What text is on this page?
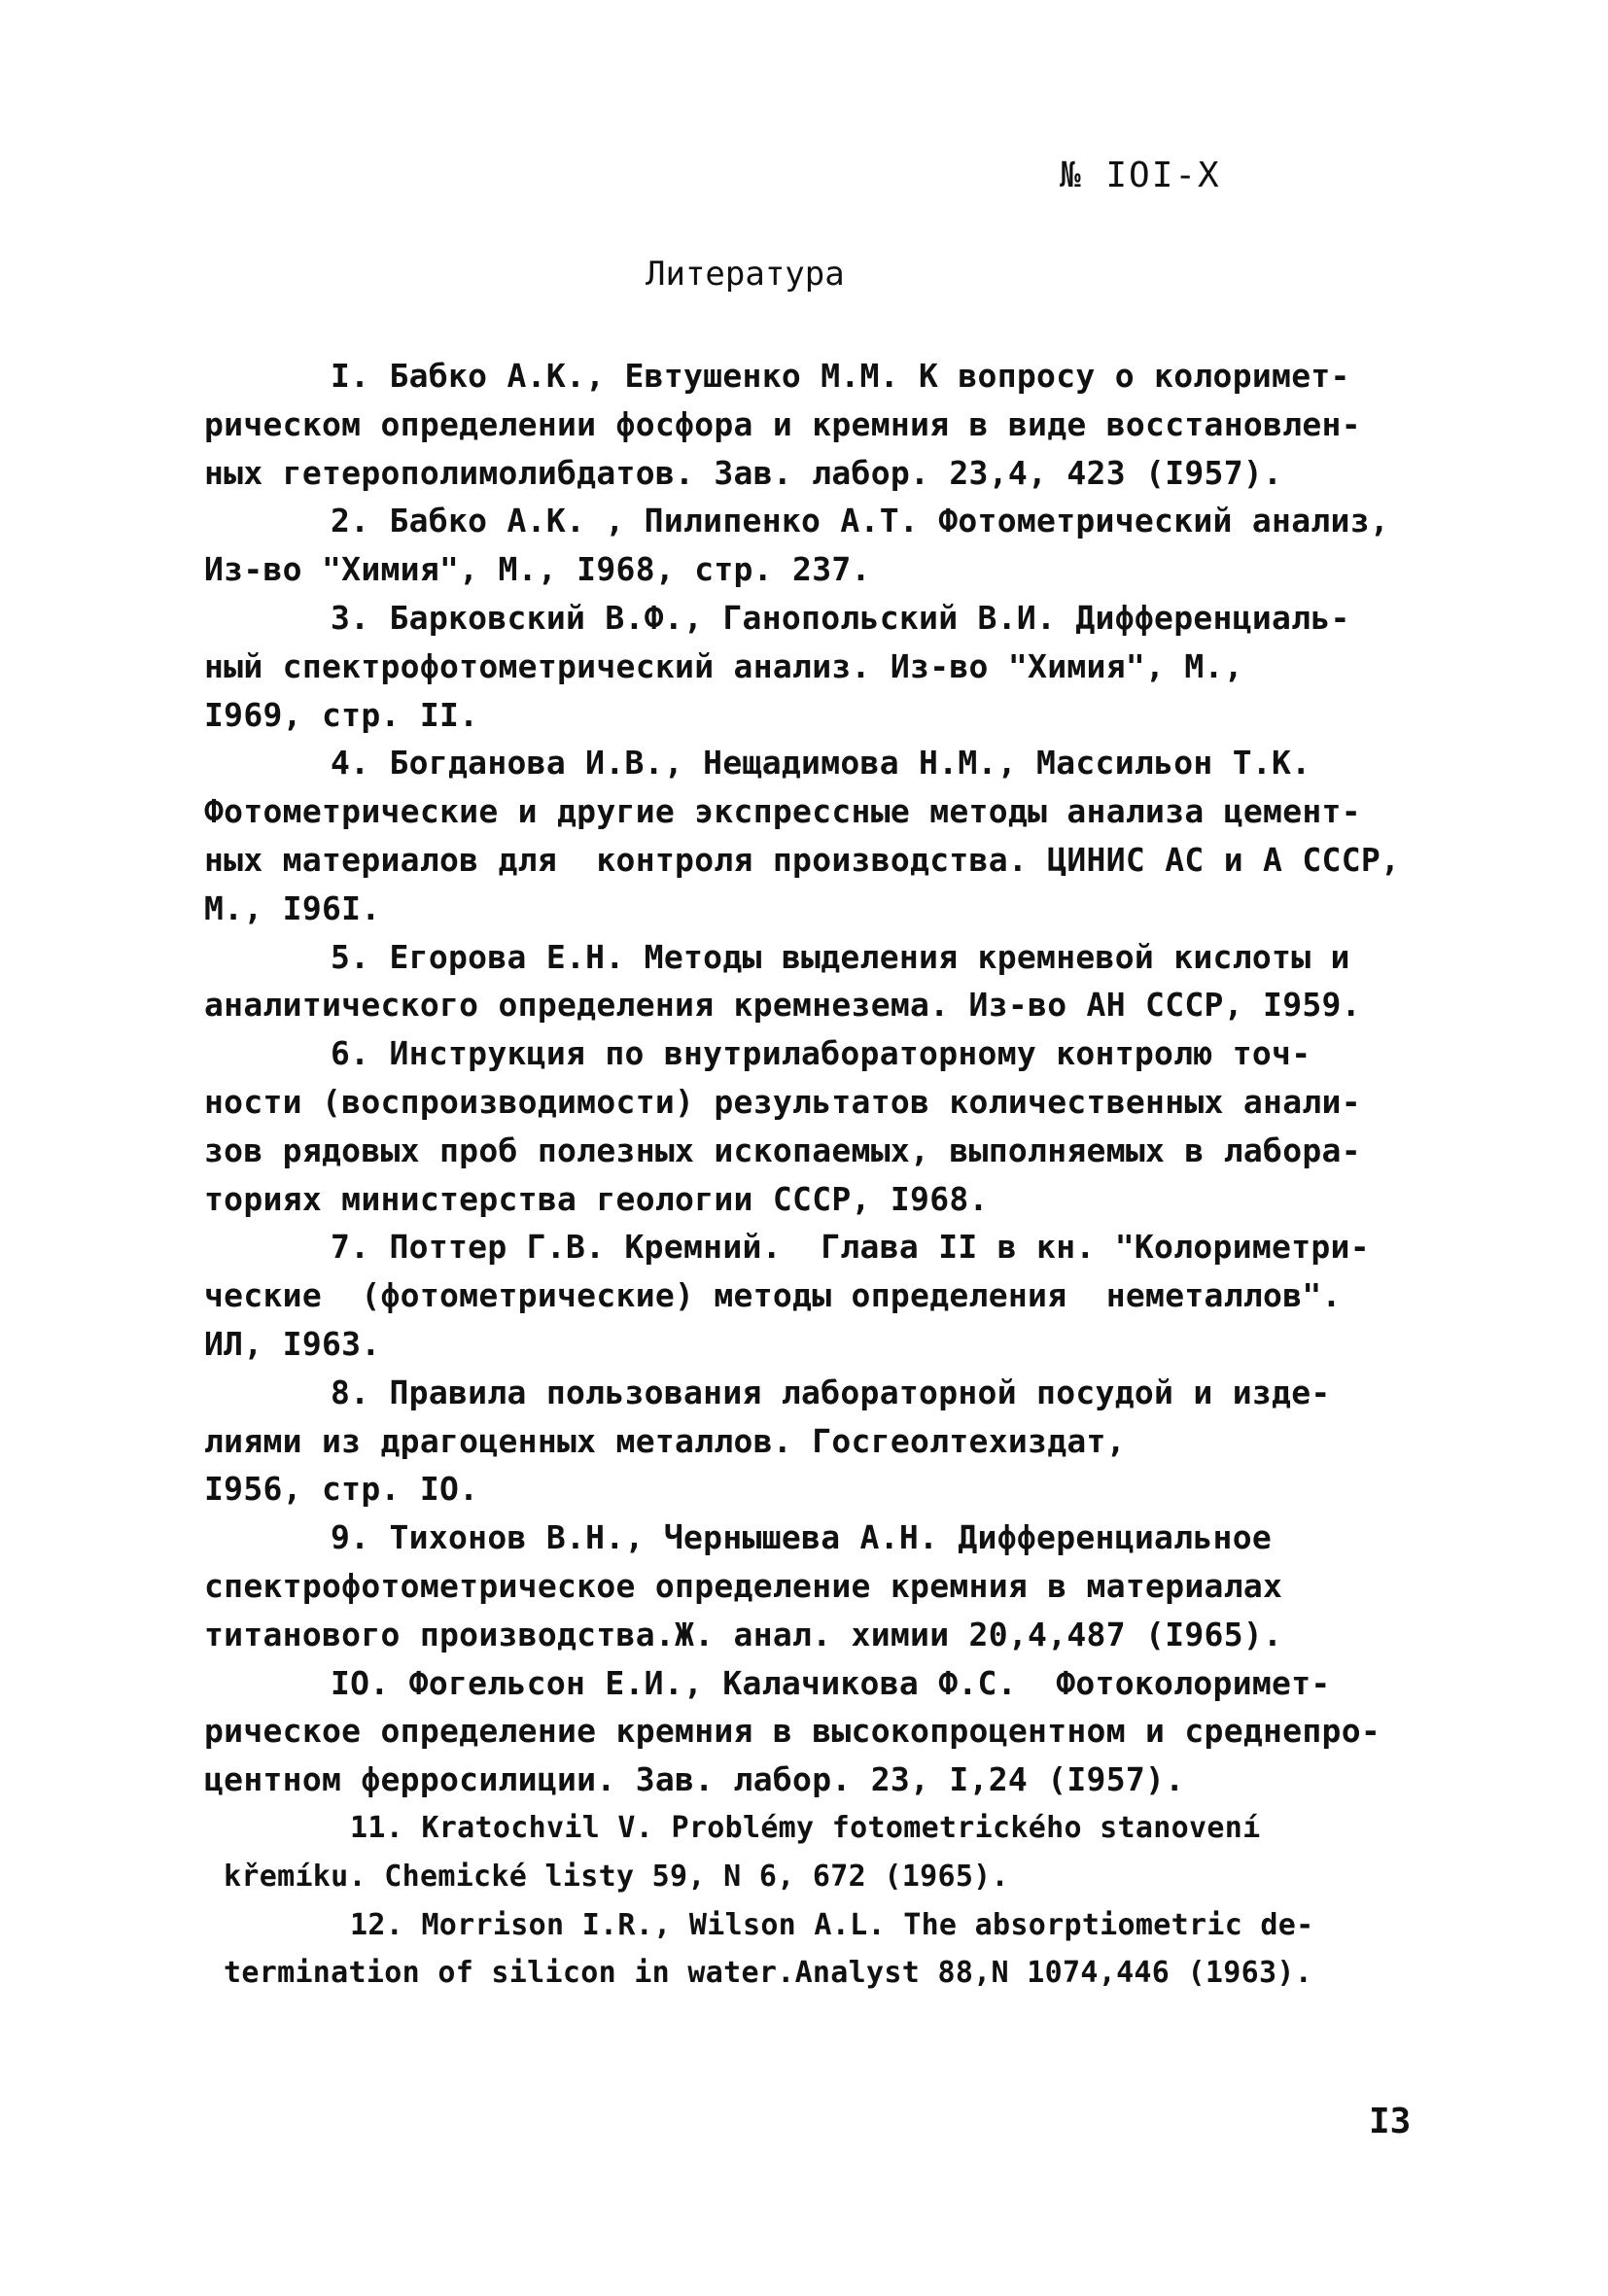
№ IOI-X
Литература
I. Бабко А.К., Евтушенко М.М. К вопросу о колоримет-
рическом определении фосфора и кремния в виде восстановлен-
ных гетерополимолибдатов. Зав. лабор. 23,4, 423 (I957).
2. Бабко А.К. , Пилипенко А.Т. Фотометрический анализ,
Из-во "Химия", М., I968, стр. 237.
3. Барковский В.Ф., Ганопольский В.И. Дифференциаль-
ный спектрофотометрический анализ. Из-во "Химия", М.,
I969, стр. II.
4. Богданова И.В., Нещадимова Н.М., Массильон Т.К.
Фотометрические и другие экспрессные методы анализа цемент-
ных материалов для  контроля производства. ЦИНИС АС и А СССР,
М., I96I.
5. Егорова Е.Н. Методы выделения кремневой кислоты и
аналитического определения кремнезема. Из-во АН СССР, I959.
6. Инструкция по внутрилабораторному контролю точ-
ности (воспроизводимости) результатов количественных анали-
зов рядовых проб полезных ископаемых, выполняемых в лабора-
ториях министерства геологии СССР, I968.
7. Поттер Г.В. Кремний.  Глава II в кн. "Колориметри-
ческие  (фотометрические) методы определения  неметаллов".
ИЛ, I963.
8. Правила пользования лабораторной посудой и изде-
лиями из драгоценных металлов. Госгеолтехиздат,
I956, стр. IO.
9. Тихонов В.Н., Чернышева А.Н. Дифференциальное
спектрофотометрическое определение кремния в материалах
титанового производства.Ж. анал. химии 20,4,487 (I965).
IO. Фогельсон Е.И., Калачикова Ф.С.  Фотоколоримет-
рическое определение кремния в высокопроцентном и среднепро-
центном ферросилиции. Зав. лабор. 23, I,24 (I957).
11. Kratochvil V. Problémy fotometrického stanovení
křemíku. Chemické listy 59, N 6, 672 (1965).
12. Morrison I.R., Wilson A.L. The absorptiometric de-
termination of silicon in water.Analyst 88,N 1074,446 (1963).
I3
